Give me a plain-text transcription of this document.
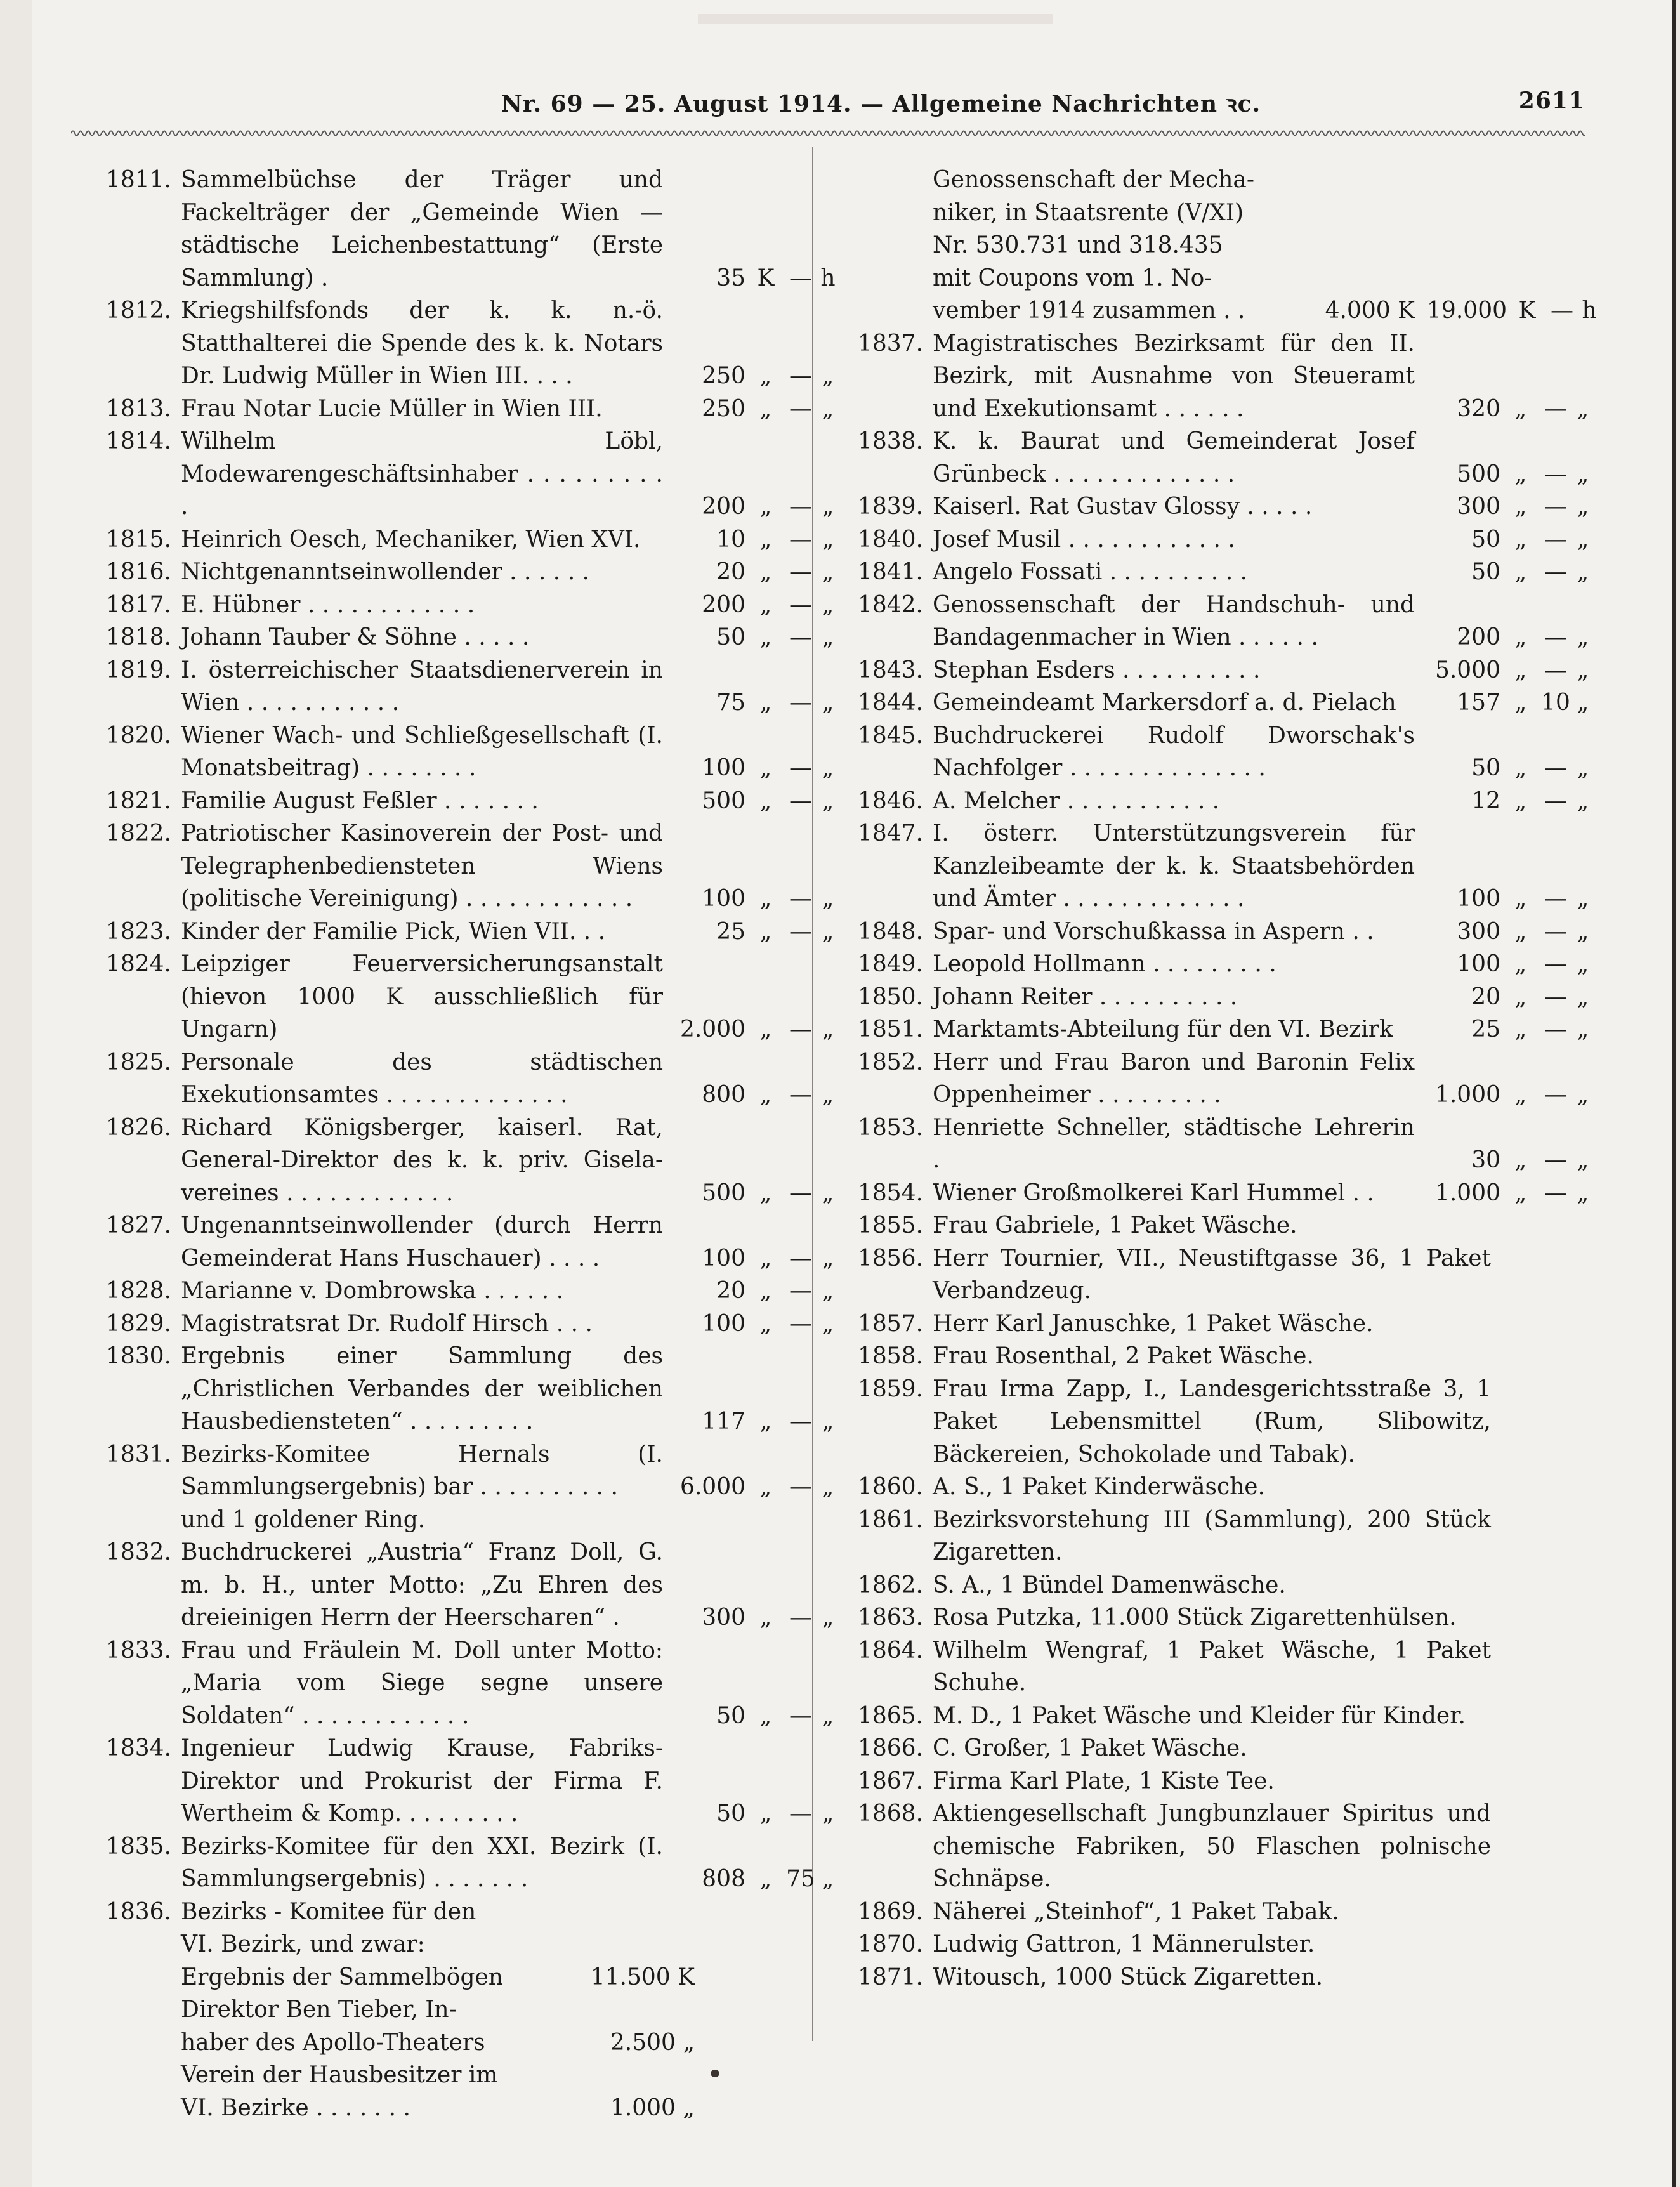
Nr. 69 — 25. August 1914. — Allgemeine Nachrichten ꝛc.	2611
1811. Sammelbüchse der Träger und Fackelträger der „Gemeinde Wien — städtische Leichenbestattung“ (Erste Sammlung) .	35 K — h
1812. Kriegshilfsfonds der k. k. n.-ö. Statthalterei die Spende des k. k. Notars Dr. Ludwig Müller in Wien III. . . .	250 „ — „
1813. Frau Notar Lucie Müller in Wien III.	250 „ — „
1814. Wilhelm Löbl, Modewarengeschäftsinhaber . . . . . . . . . .	200 „ — „
1815. Heinrich Oesch, Mechaniker, Wien XVI.	10 „ — „
1816. Nichtgenanntseinwollender . . . . . .	20 „ — „
1817. E. Hübner . . . . . . . . . . . .	200 „ — „
1818. Johann Tauber & Söhne . . . . .	50 „ — „
1819. I. österreichischer Staatsdienerverein in Wien . . . . . . . . . . .	75 „ — „
1820. Wiener Wach- und Schließgesellschaft (I. Monatsbeitrag) . . . . . . . .	100 „ — „
1821. Familie August Feßler . . . . . . .	500 „ — „
1822. Patriotischer Kasinoverein der Post- und Telegraphenbediensteten Wiens (politische Vereinigung) . . . . . . . . . . . .	100 „ — „
1823. Kinder der Familie Pick, Wien VII. . .	25 „ — „
1824. Leipziger Feuerversicherungsanstalt (hievon 1000 K ausschließlich für Ungarn)	2.000 „ — „
1825. Personale des städtischen Exekutionsamtes . . . . . . . . . . . . .	800 „ — „
1826. Richard Königsberger, kaiserl. Rat, General-Direktor des k. k. priv. Gisela-vereines . . . . . . . . . . . .	500 „ — „
1827. Ungenanntseinwollender (durch Herrn Gemeinderat Hans Huschauer) . . . .	100 „ — „
1828. Marianne v. Dombrowska . . . . . .	20 „ — „
1829. Magistratsrat Dr. Rudolf Hirsch . . .	100 „ — „
1830. Ergebnis einer Sammlung des „Christlichen Verbandes der weiblichen Hausbediensteten“ . . . . . . . . .	117 „ — „
1831. Bezirks-Komitee Hernals (I. Sammlungsergebnis) bar . . . . . . . . . .	6.000 „ — „
und 1 goldener Ring.
1832. Buchdruckerei „Austria“ Franz Doll, G. m. b. H., unter Motto: „Zu Ehren des dreieinigen Herrn der Heerscharen“ .	300 „ — „
1833. Frau und Fräulein M. Doll unter Motto: „Maria vom Siege segne unsere Soldaten“ . . . . . . . . . . . .	50 „ — „
1834. Ingenieur Ludwig Krause, Fabriks-Direktor und Prokurist der Firma F. Wertheim & Komp. . . . . . . . .	50 „ — „
1835. Bezirks-Komitee für den XXI. Bezirk (I. Sammlungsergebnis) . . . . . . .	808 „ 75 „
1836. Bezirks - Komitee für den
VI. Bezirk, und zwar:
Ergebnis der Sammelbögen	11.500 K
Direktor Ben Tieber, In-
haber des Apollo-Theaters	2.500 „
Verein der Hausbesitzer im
VI. Bezirke . . . . . . .	1.000 „
Genossenschaft der Mecha-
niker, in Staatsrente (V/XI)
Nr. 530.731 und 318.435
mit Coupons vom 1. No-
vember 1914 zusammen . .	4.000 K 19.000 K — h
1837. Magistratisches Bezirksamt für den II. Bezirk, mit Ausnahme von Steueramt und Exekutionsamt . . . . . .	320 „ — „
1838. K. k. Baurat und Gemeinderat Josef Grünbeck . . . . . . . . . . . . .	500 „ — „
1839. Kaiserl. Rat Gustav Glossy . . . . .	300 „ — „
1840. Josef Musil . . . . . . . . . . . .	50 „ — „
1841. Angelo Fossati . . . . . . . . . .	50 „ — „
1842. Genossenschaft der Handschuh- und Bandagenmacher in Wien . . . . . .	200 „ — „
1843. Stephan Esders . . . . . . . . . .	5.000 „ — „
1844. Gemeindeamt Markersdorf a. d. Pielach	157 „ 10 „
1845. Buchdruckerei Rudolf Dworschak's Nachfolger . . . . . . . . . . . . . .	50 „ — „
1846. A. Melcher . . . . . . . . . . .	12 „ — „
1847. I. österr. Unterstützungsverein für Kanzleibeamte der k. k. Staatsbehörden und Ämter . . . . . . . . . . . . .	100 „ — „
1848. Spar- und Vorschußkassa in Aspern . .	300 „ — „
1849. Leopold Hollmann . . . . . . . . .	100 „ — „
1850. Johann Reiter . . . . . . . . . .	20 „ — „
1851. Marktamts-Abteilung für den VI. Bezirk	25 „ — „
1852. Herr und Frau Baron und Baronin Felix Oppenheimer . . . . . . . . .	1.000 „ — „
1853. Henriette Schneller, städtische Lehrerin .	30 „ — „
1854. Wiener Großmolkerei Karl Hummel . .	1.000 „ — „
1855. Frau Gabriele, 1 Paket Wäsche.
1856. Herr Tournier, VII., Neustiftgasse 36, 1 Paket Verbandzeug.
1857. Herr Karl Januschke, 1 Paket Wäsche.
1858. Frau Rosenthal, 2 Paket Wäsche.
1859. Frau Irma Zapp, I., Landesgerichtsstraße 3, 1 Paket Lebensmittel (Rum, Slibowitz, Bäckereien, Schokolade und Tabak).
1860. A. S., 1 Paket Kinderwäsche.
1861. Bezirksvorstehung III (Sammlung), 200 Stück Zigaretten.
1862. S. A., 1 Bündel Damenwäsche.
1863. Rosa Putzka, 11.000 Stück Zigarettenhülsen.
1864. Wilhelm Wengraf, 1 Paket Wäsche, 1 Paket Schuhe.
1865. M. D., 1 Paket Wäsche und Kleider für Kinder.
1866. C. Großer, 1 Paket Wäsche.
1867. Firma Karl Plate, 1 Kiste Tee.
1868. Aktiengesellschaft Jungbunzlauer Spiritus und chemische Fabriken, 50 Flaschen polnische Schnäpse.
1869. Näherei „Steinhof“, 1 Paket Tabak.
1870. Ludwig Gattron, 1 Männerulster.
1871. Witousch, 1000 Stück Zigaretten.
